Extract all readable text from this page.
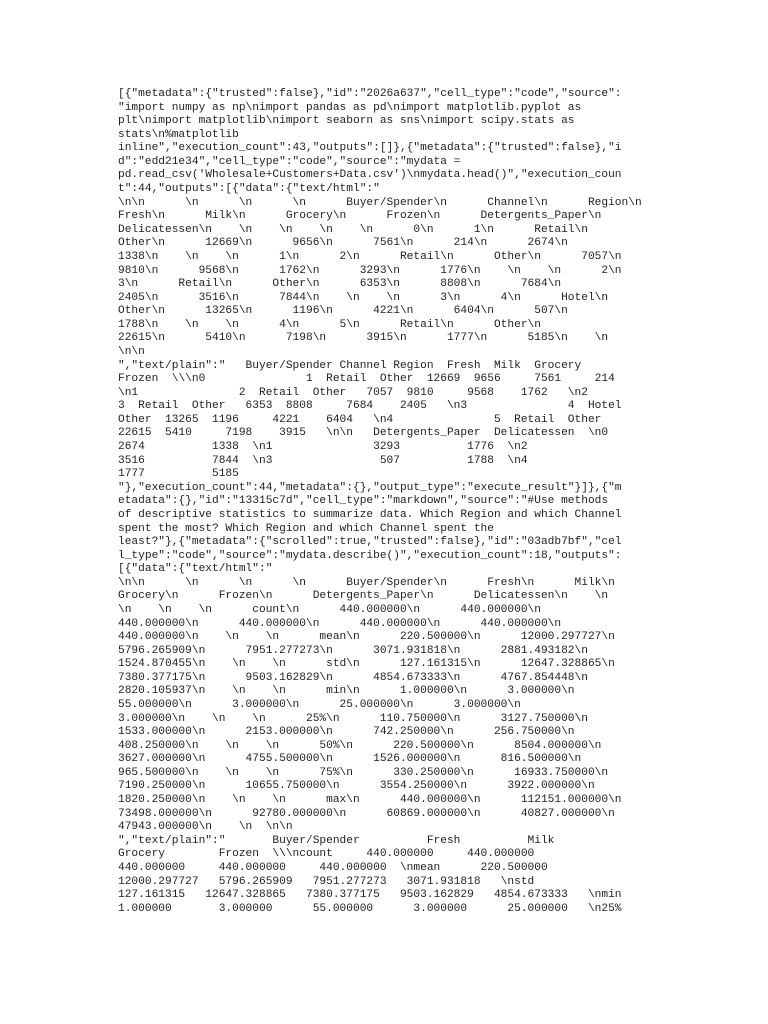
[{"metadata":{"trusted":false},"id":"2026a637","cell_type":"code","source":
"import numpy as np\nimport pandas as pd\nimport matplotlib.pyplot as
plt\nimport matplotlib\nimport seaborn as sns\nimport scipy.stats as
stats\n%matplotlib
inline","execution_count":43,"outputs":[]},{"metadata":{"trusted":false},"i
d":"edd21e34","cell_type":"code","source":"mydata =
pd.read_csv('Wholesale+Customers+Data.csv')\nmydata.head()","execution_coun
t":44,"outputs":[{"data":{"text/html":"
\n\n      \n      \n      \n      Buyer/Spender\n      Channel\n      Region\n
Fresh\n      Milk\n      Grocery\n      Frozen\n      Detergents_Paper\n
Delicatessen\n    \n    \n    \n    \n      0\n      1\n      Retail\n
Other\n      12669\n      9656\n      7561\n      214\n      2674\n
1338\n    \n    \n      1\n      2\n      Retail\n      Other\n      7057\n
9810\n      9568\n      1762\n      3293\n      1776\n    \n    \n      2\n
3\n      Retail\n      Other\n      6353\n      8808\n      7684\n
2405\n      3516\n      7844\n    \n    \n      3\n      4\n      Hotel\n
Other\n      13265\n      1196\n      4221\n      6404\n      507\n
1788\n    \n    \n      4\n      5\n      Retail\n      Other\n
22615\n      5410\n      7198\n      3915\n      1777\n      5185\n    \n
\n\n
","text/plain":"   Buyer/Spender Channel Region  Fresh  Milk  Grocery
Frozen  \\\n0               1  Retail  Other  12669  9656     7561     214
\n1               2  Retail  Other   7057  9810     9568    1762   \n2
3  Retail  Other   6353  8808     7684    2405   \n3               4  Hotel
Other  13265  1196     4221    6404   \n4               5  Retail  Other
22615  5410     7198    3915   \n\n   Detergents_Paper  Delicatessen  \n0
2674          1338  \n1               3293          1776  \n2
3516          7844  \n3                507          1788  \n4
1777          5185
"},"execution_count":44,"metadata":{},"output_type":"execute_result"}]},{"m
etadata":{},"id":"13315c7d","cell_type":"markdown","source":"#Use methods
of descriptive statistics to summarize data. Which Region and which Channel
spent the most? Which Region and which Channel spent the
least?"},{"metadata":{"scrolled":true,"trusted":false},"id":"03adb7bf","cel
l_type":"code","source":"mydata.describe()","execution_count":18,"outputs":
[{"data":{"text/html":"
\n\n      \n      \n      \n      Buyer/Spender\n      Fresh\n      Milk\n
Grocery\n      Frozen\n      Detergents_Paper\n      Delicatessen\n    \n
\n    \n    \n      count\n      440.000000\n      440.000000\n
440.000000\n      440.000000\n      440.000000\n      440.000000\n
440.000000\n    \n    \n      mean\n      220.500000\n      12000.297727\n
5796.265909\n      7951.277273\n      3071.931818\n      2881.493182\n
1524.870455\n    \n    \n      std\n      127.161315\n      12647.328865\n
7380.377175\n      9503.162829\n      4854.673333\n      4767.854448\n
2820.105937\n    \n    \n      min\n      1.000000\n      3.000000\n
55.000000\n      3.000000\n      25.000000\n      3.000000\n
3.000000\n    \n    \n      25%\n      110.750000\n      3127.750000\n
1533.000000\n      2153.000000\n      742.250000\n      256.750000\n
408.250000\n    \n    \n      50%\n      220.500000\n      8504.000000\n
3627.000000\n      4755.500000\n      1526.000000\n      816.500000\n
965.500000\n    \n    \n      75%\n      330.250000\n      16933.750000\n
7190.250000\n      10655.750000\n      3554.250000\n      3922.000000\n
1820.250000\n    \n    \n      max\n      440.000000\n      112151.000000\n
73498.000000\n      92780.000000\n      60869.000000\n      40827.000000\n
47943.000000\n    \n  \n\n
","text/plain":"       Buyer/Spender          Fresh          Milk
Grocery        Frozen  \\\ncount     440.000000     440.000000
440.000000     440.000000     440.000000  \nmean      220.500000
12000.297727   5796.265909   7951.277273   3071.931818   \nstd
127.161315   12647.328865   7380.377175   9503.162829   4854.673333   \nmin
1.000000       3.000000      55.000000      3.000000      25.000000   \n25%
